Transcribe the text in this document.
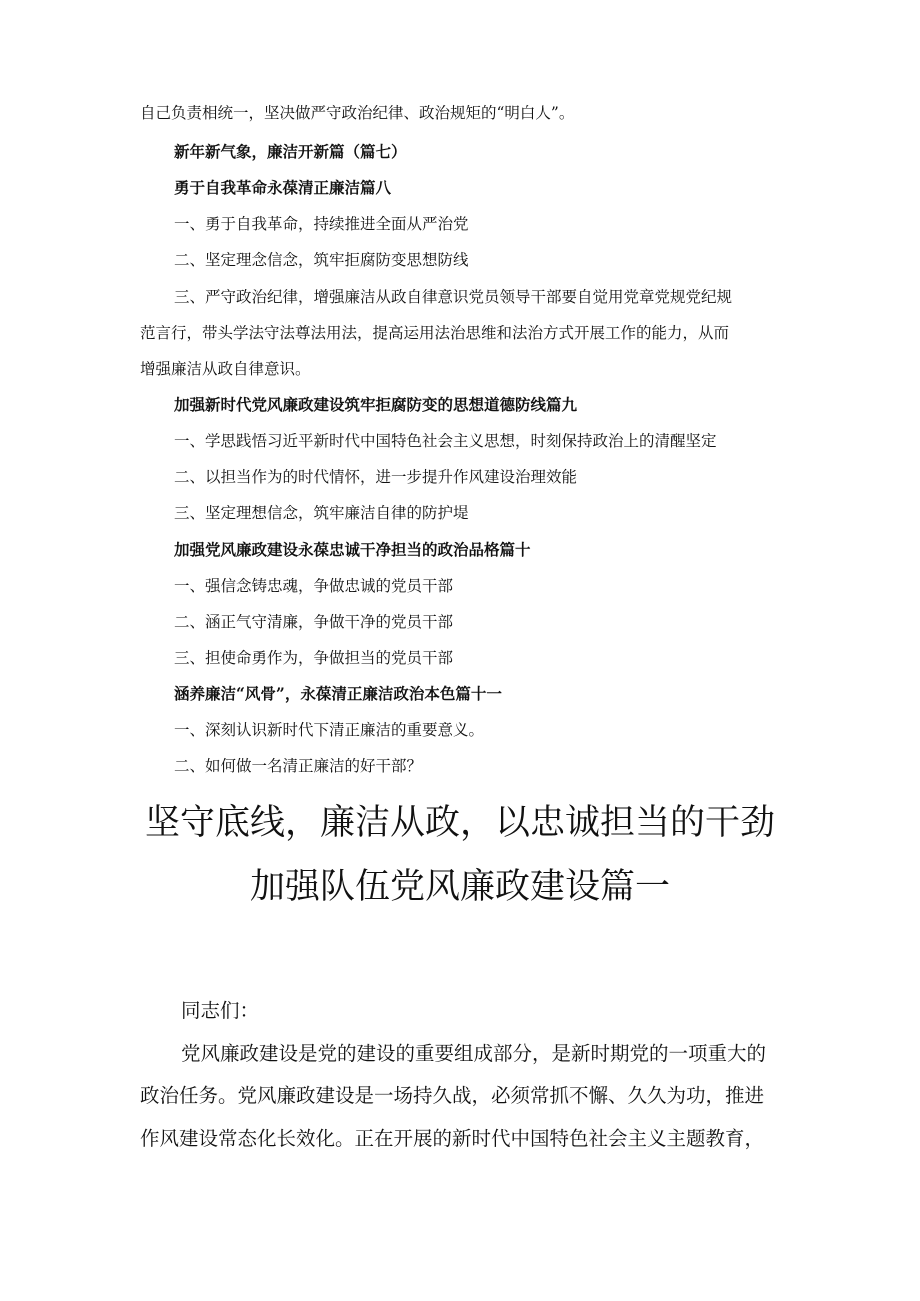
自己负责相统一，坚决做严守政治纪律、政治规矩的“明白人”。
新年新气象，廉洁开新篇（篇七）
勇于自我革命永葆清正廉洁篇八
一、勇于自我革命，持续推进全面从严治党
二、坚定理念信念，筑牢拒腐防变思想防线
三、严守政治纪律，增强廉洁从政自律意识党员领导干部要自觉用党章党规党纪规
范言行，带头学法守法尊法用法，提高运用法治思维和法治方式开展工作的能力，从而
增强廉洁从政自律意识。
加强新时代党风廉政建设筑牢拒腐防变的思想道德防线篇九
一、学思践悟习近平新时代中国特色社会主义思想，时刻保持政治上的清醒坚定
二、以担当作为的时代情怀，进一步提升作风建设治理效能
三、坚定理想信念，筑牢廉洁自律的防护堤
加强党风廉政建设永葆忠诚干净担当的政治品格篇十
一、强信念铸忠魂，争做忠诚的党员干部
二、涵正气守清廉，争做干净的党员干部
三、担使命勇作为，争做担当的党员干部
涵养廉洁“风骨”，永葆清正廉洁政治本色篇十一
一、深刻认识新时代下清正廉洁的重要意义。
二、如何做一名清正廉洁的好干部？
坚守底线，廉洁从政，以忠诚担当的干劲
加强队伍党风廉政建设篇一
同志们：
党风廉政建设是党的建设的重要组成部分，是新时期党的一项重大的
政治任务。党风廉政建设是一场持久战，必须常抓不懈、久久为功，推进
作风建设常态化长效化。正在开展的新时代中国特色社会主义主题教育，
